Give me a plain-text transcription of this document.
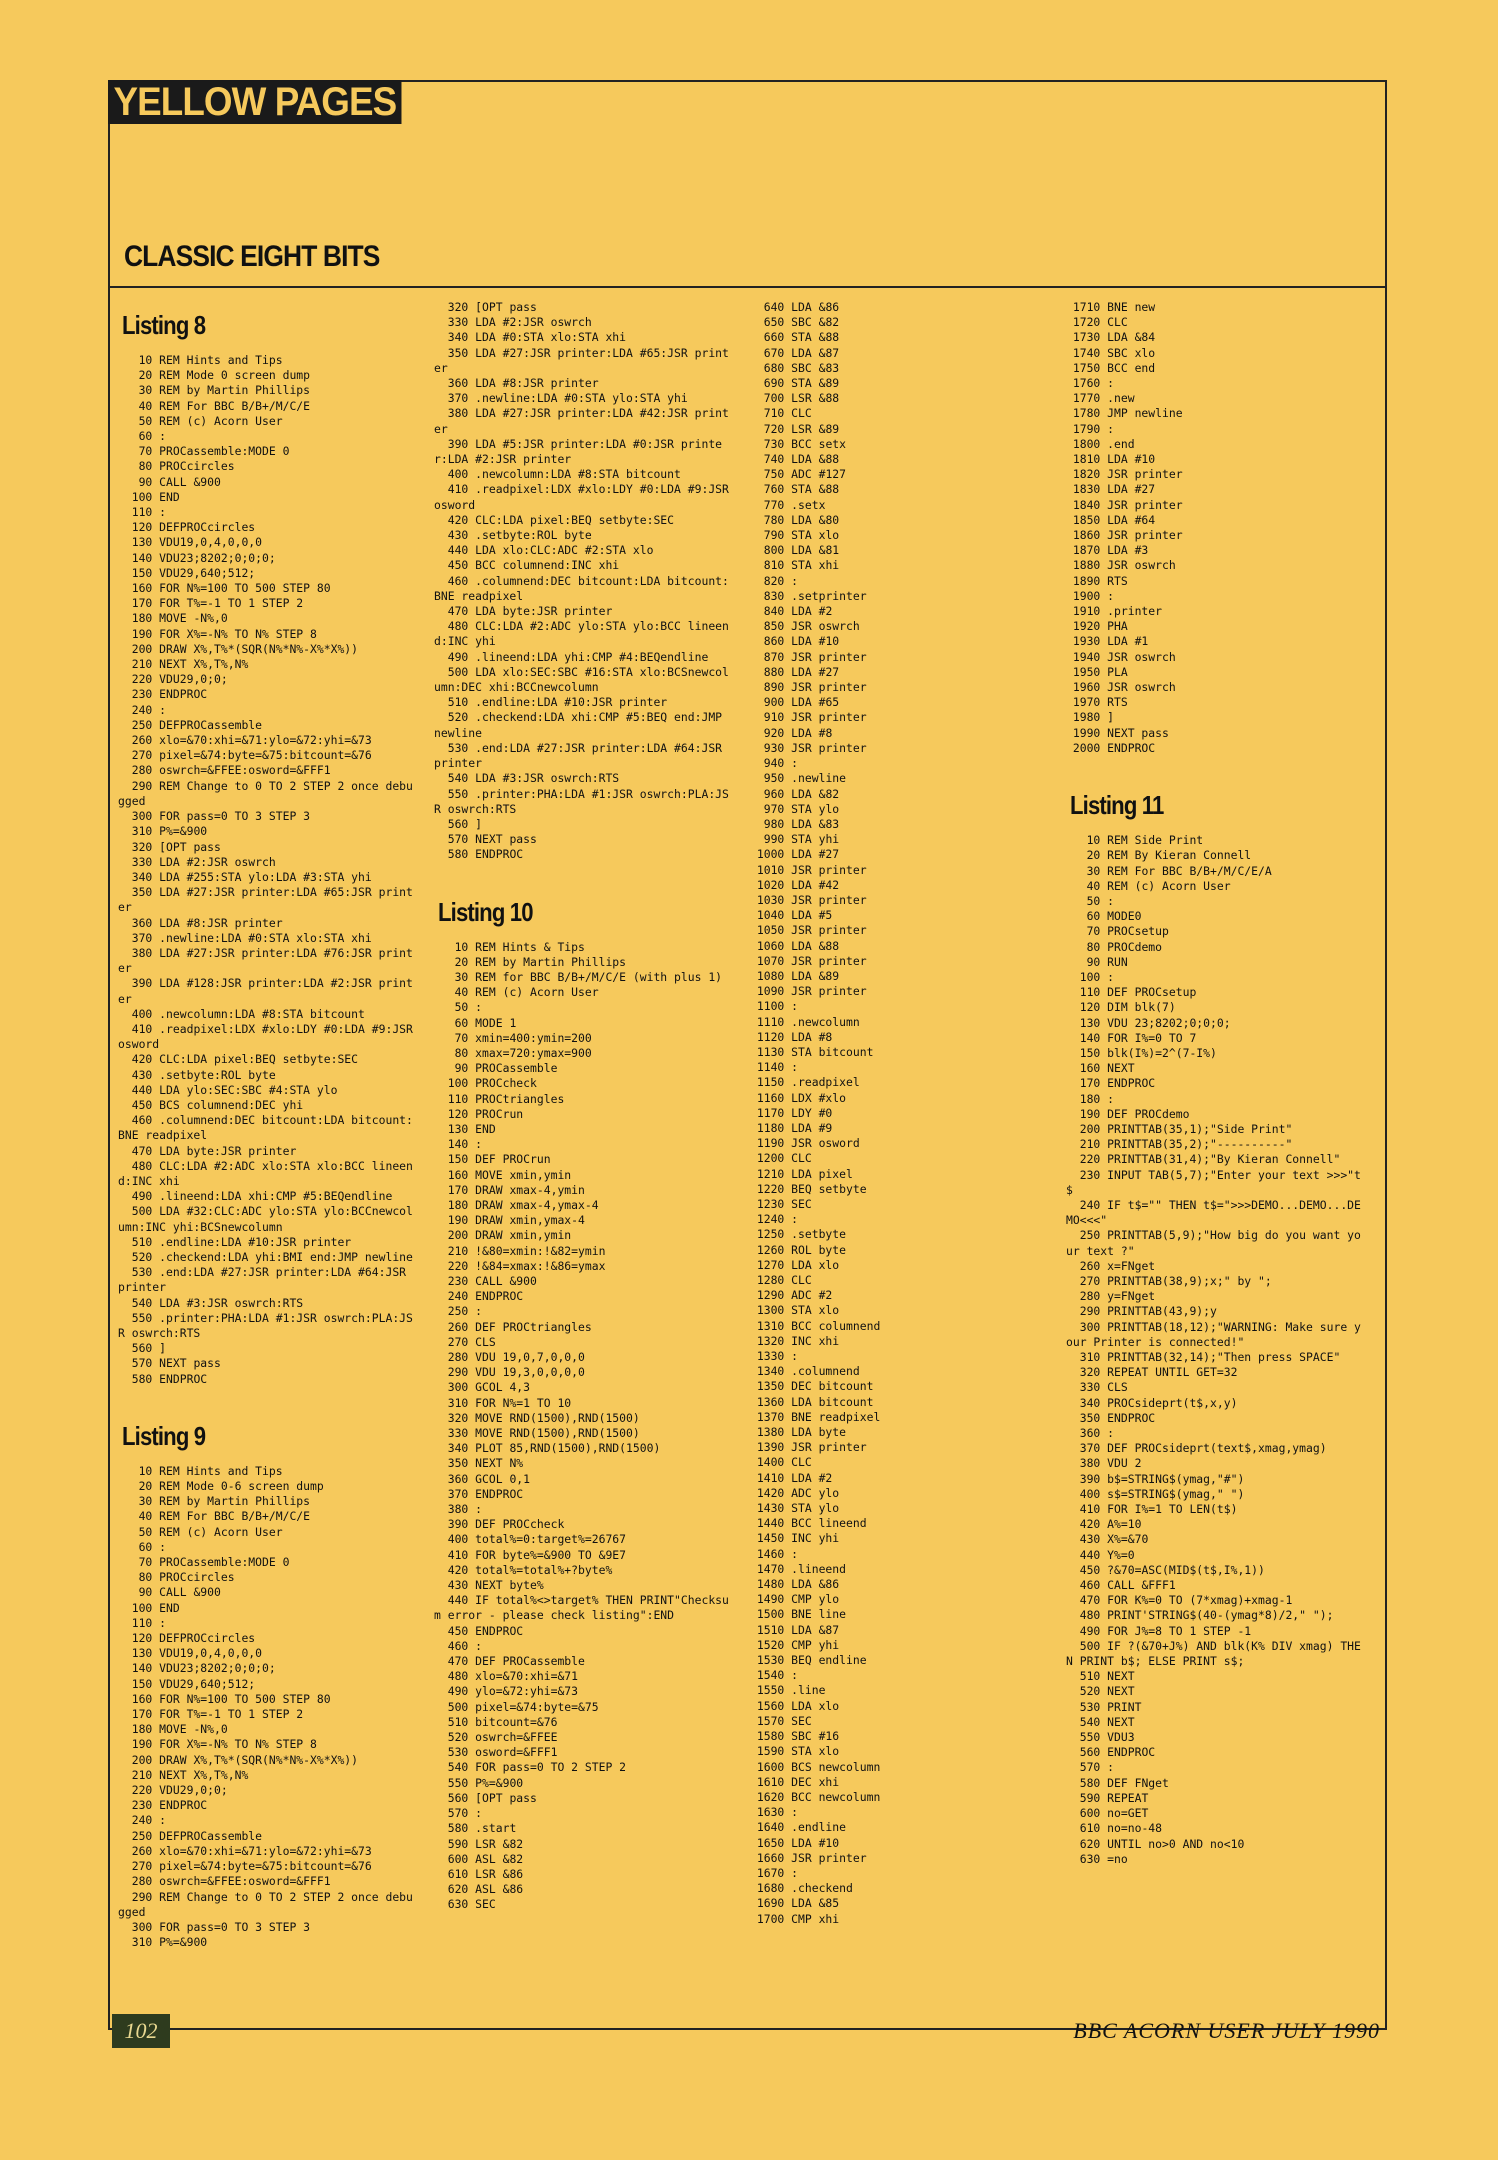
YELLOW PAGES
CLASSIC EIGHT BITS
Listing 8
10 REM Hints and Tips
20 REM Mode 0 screen dump
30 REM by Martin Phillips
40 REM For BBC B/B+/M/C/E
50 REM (c) Acorn User
60 :
70 PROCassemble:MODE 0
80 PROCcircles
90 CALL &900
100 END
110 :
120 DEFPROCcircles
130 VDU19,0,4,0,0,0
140 VDU23;8202;0;0;0;
150 VDU29,640;512;
160 FOR N%=100 TO 500 STEP 80
170 FOR T%=-1 TO 1 STEP 2
180 MOVE -N%,0
190 FOR X%=-N% TO N% STEP 8
200 DRAW X%,T%*(SQR(N%*N%-X%*X%))
210 NEXT X%,T%,N%
220 VDU29,0;0;
230 ENDPROC
240 :
250 DEFPROCassemble
260 xlo=&70:xhi=&71:ylo=&72:yhi=&73
270 pixel=&74:byte=&75:bitcount=&76
280 oswrch=&FFEE:osword=&FFF1
290 REM Change to 0 TO 2 STEP 2 once debugged
300 FOR pass=0 TO 3 STEP 3
310 P%=&900
320 [OPT pass
330 LDA #2:JSR oswrch
340 LDA #255:STA ylo:LDA #3:STA yhi
350 LDA #27:JSR printer:LDA #65:JSR printer
360 LDA #8:JSR printer
370 .newline:LDA #0:STA xlo:STA xhi
380 LDA #27:JSR printer:LDA #76:JSR printer
390 LDA #128:JSR printer:LDA #2:JSR printer
400 .newcolumn:LDA #8:STA bitcount
410 .readpixel:LDX #xlo:LDY #0:LDA #9:JSR osword
420 CLC:LDA pixel:BEQ setbyte:SEC
430 .setbyte:ROL byte
440 LDA ylo:SEC:SBC #4:STA ylo
450 BCS columnend:DEC yhi
460 .columnend:DEC bitcount:LDA bitcount:BNE readpixel
470 LDA byte:JSR printer
480 CLC:LDA #2:ADC xlo:STA xlo:BCC lineend:INC xhi
490 .lineend:LDA xhi:CMP #5:BEQendline
500 LDA #32:CLC:ADC ylo:STA ylo:BCCnewcolumn:INC yhi:BCSnewcolumn
510 .endline:LDA #10:JSR printer
520 .checkend:LDA yhi:BMI end:JMP newline
530 .end:LDA #27:JSR printer:LDA #64:JSR printer
540 LDA #3:JSR oswrch:RTS
550 .printer:PHA:LDA #1:JSR oswrch:PLA:JSR oswrch:RTS
560 ]
570 NEXT pass
580 ENDPROC
Listing 9
10 REM Hints and Tips
20 REM Mode 0-6 screen dump
30 REM by Martin Phillips
40 REM For BBC B/B+/M/C/E
50 REM (c) Acorn User
60 :
70 PROCassemble:MODE 0
80 PROCcircles
90 CALL &900
100 END
110 :
120 DEFPROCcircles
130 VDU19,0,4,0,0,0
140 VDU23;8202;0;0;0;
150 VDU29,640;512;
160 FOR N%=100 TO 500 STEP 80
170 FOR T%=-1 TO 1 STEP 2
180 MOVE -N%,0
190 FOR X%=-N% TO N% STEP 8
200 DRAW X%,T%*(SQR(N%*N%-X%*X%))
210 NEXT X%,T%,N%
220 VDU29,0;0;
230 ENDPROC
240 :
250 DEFPROCassemble
260 xlo=&70:xhi=&71:ylo=&72:yhi=&73
270 pixel=&74:byte=&75:bitcount=&76
280 oswrch=&FFEE:osword=&FFF1
290 REM Change to 0 TO 2 STEP 2 once debugged
300 FOR pass=0 TO 3 STEP 3
310 P%=&900
320 [OPT pass
330 LDA #2:JSR oswrch
340 LDA #0:STA xlo:STA xhi
350 LDA #27:JSR printer:LDA #65:JSR printer
360 LDA #8:JSR printer
370 .newline:LDA #0:STA ylo:STA yhi
380 LDA #27:JSR printer:LDA #42:JSR printer
390 LDA #5:JSR printer:LDA #0:JSR printer:LDA #2:JSR printer
400 .newcolumn:LDA #8:STA bitcount
410 .readpixel:LDX #xlo:LDY #0:LDA #9:JSR osword
420 CLC:LDA pixel:BEQ setbyte:SEC
430 .setbyte:ROL byte
440 LDA xlo:CLC:ADC #2:STA xlo
450 BCC columnend:INC xhi
460 .columnend:DEC bitcount:LDA bitcount:BNE readpixel
470 LDA byte:JSR printer
480 CLC:LDA #2:ADC ylo:STA ylo:BCC lineend:INC yhi
490 .lineend:LDA yhi:CMP #4:BEQendline
500 LDA xlo:SEC:SBC #16:STA xlo:BCSnewcolumn:DEC xhi:BCCnewcolumn
510 .endline:LDA #10:JSR printer
520 .checkend:LDA xhi:CMP #5:BEQ end:JMP newline
530 .end:LDA #27:JSR printer:LDA #64:JSR printer
540 LDA #3:JSR oswrch:RTS
550 .printer:PHA:LDA #1:JSR oswrch:PLA:JSR oswrch:RTS
560 ]
570 NEXT pass
580 ENDPROC
Listing 10
10 REM Hints & Tips
20 REM by Martin Phillips
30 REM for BBC B/B+/M/C/E (with plus 1)
40 REM (c) Acorn User
50 :
60 MODE 1
70 xmin=400:ymin=200
80 xmax=720:ymax=900
90 PROCassemble
100 PROCcheck
110 PROCtriangles
120 PROCrun
130 END
140 :
150 DEF PROCrun
160 MOVE xmin,ymin
170 DRAW xmax-4,ymin
180 DRAW xmax-4,ymax-4
190 DRAW xmin,ymax-4
200 DRAW xmin,ymin
210 !&80=xmin:!&82=ymin
220 !&84=xmax:!&86=ymax
230 CALL &900
240 ENDPROC
250 :
260 DEF PROCtriangles
270 CLS
280 VDU 19,0,7,0,0,0
290 VDU 19,3,0,0,0,0
300 GCOL 4,3
310 FOR N%=1 TO 10
320 MOVE RND(1500),RND(1500)
330 MOVE RND(1500),RND(1500)
340 PLOT 85,RND(1500),RND(1500)
350 NEXT N%
360 GCOL 0,1
370 ENDPROC
380 :
390 DEF PROCcheck
400 total%=0:target%=26767
410 FOR byte%=&900 TO &9E7
420 total%=total%+?byte%
430 NEXT byte%
440 IF total%<>target% THEN PRINT"Checksum error - please check listing":END
450 ENDPROC
460 :
470 DEF PROCassemble
480 xlo=&70:xhi=&71
490 ylo=&72:yhi=&73
500 pixel=&74:byte=&75
510 bitcount=&76
520 oswrch=&FFEE
530 osword=&FFF1
540 FOR pass=0 TO 2 STEP 2
550 P%=&900
560 [OPT pass
570 :
580 .start
590 LSR &82
600 ASL &82
610 LSR &86
620 ASL &86
630 SEC
640 LDA &86
650 SBC &82
660 STA &88
670 LDA &87
680 SBC &83
690 STA &89
700 LSR &88
710 CLC
720 LSR &89
730 BCC setx
740 LDA &88
750 ADC #127
760 STA &88
770 .setx
780 LDA &80
790 STA xlo
800 LDA &81
810 STA xhi
820 :
830 .setprinter
840 LDA #2
850 JSR oswrch
860 LDA #10
870 JSR printer
880 LDA #27
890 JSR printer
900 LDA #65
910 JSR printer
920 LDA #8
930 JSR printer
940 :
950 .newline
960 LDA &82
970 STA ylo
980 LDA &83
990 STA yhi
1000 LDA #27
1010 JSR printer
1020 LDA #42
1030 JSR printer
1040 LDA #5
1050 JSR printer
1060 LDA &88
1070 JSR printer
1080 LDA &89
1090 JSR printer
1100 :
1110 .newcolumn
1120 LDA #8
1130 STA bitcount
1140 :
1150 .readpixel
1160 LDX #xlo
1170 LDY #0
1180 LDA #9
1190 JSR osword
1200 CLC
1210 LDA pixel
1220 BEQ setbyte
1230 SEC
1240 :
1250 .setbyte
1260 ROL byte
1270 LDA xlo
1280 CLC
1290 ADC #2
1300 STA xlo
1310 BCC columnend
1320 INC xhi
1330 :
1340 .columnend
1350 DEC bitcount
1360 LDA bitcount
1370 BNE readpixel
1380 LDA byte
1390 JSR printer
1400 CLC
1410 LDA #2
1420 ADC ylo
1430 STA ylo
1440 BCC lineend
1450 INC yhi
1460 :
1470 .lineend
1480 LDA &86
1490 CMP ylo
1500 BNE line
1510 LDA &87
1520 CMP yhi
1530 BEQ endline
1540 :
1550 .line
1560 LDA xlo
1570 SEC
1580 SBC #16
1590 STA xlo
1600 BCS newcolumn
1610 DEC xhi
1620 BCC newcolumn
1630 :
1640 .endline
1650 LDA #10
1660 JSR printer
1670 :
1680 .checkend
1690 LDA &85
1700 CMP xhi
1710 BNE new
1720 CLC
1730 LDA &84
1740 SBC xlo
1750 BCC end
1760 :
1770 .new
1780 JMP newline
1790 :
1800 .end
1810 LDA #10
1820 JSR printer
1830 LDA #27
1840 JSR printer
1850 LDA #64
1860 JSR printer
1870 LDA #3
1880 JSR oswrch
1890 RTS
1900 :
1910 .printer
1920 PHA
1930 LDA #1
1940 JSR oswrch
1950 PLA
1960 JSR oswrch
1970 RTS
1980 ]
1990 NEXT pass
2000 ENDPROC
Listing 11
10 REM Side Print
20 REM By Kieran Connell
30 REM For BBC B/B+/M/C/E/A
40 REM (c) Acorn User
50 :
60 MODE0
70 PROCsetup
80 PROCdemo
90 RUN
100 :
110 DEF PROCsetup
120 DIM blk(7)
130 VDU 23;8202;0;0;0;
140 FOR I%=0 TO 7
150 blk(I%)=2^(7-I%)
160 NEXT
170 ENDPROC
180 :
190 DEF PROCdemo
200 PRINTTAB(35,1);"Side Print"
210 PRINTTAB(35,2);"----------"
220 PRINTTAB(31,4);"By Kieran Connell"
230 INPUT TAB(5,7);"Enter your text >>>"t$
240 IF t$="" THEN t$=">>>DEMO...DEMO...DEMO<<<"
250 PRINTTAB(5,9);"How big do you want your text ?"
260 x=FNget
270 PRINTTAB(38,9);x;" by ";
280 y=FNget
290 PRINTTAB(43,9);y
300 PRINTTAB(18,12);"WARNING: Make sure your Printer is connected!"
310 PRINTTAB(32,14);"Then press SPACE"
320 REPEAT UNTIL GET=32
330 CLS
340 PROCsideprt(t$,x,y)
350 ENDPROC
360 :
370 DEF PROCsideprt(text$,xmag,ymag)
380 VDU 2
390 b$=STRING$(ymag,"#")
400 s$=STRING$(ymag," ")
410 FOR I%=1 TO LEN(t$)
420 A%=10
430 X%=&70
440 Y%=0
450 ?&70=ASC(MID$(t$,I%,1))
460 CALL &FFF1
470 FOR K%=0 TO (7*xmag)+xmag-1
480 PRINT'STRING$(40-(ymag*8)/2," ");
490 FOR J%=8 TO 1 STEP -1
500 IF ?(&70+J%) AND blk(K% DIV xmag) THEN PRINT b$; ELSE PRINT s$;
510 NEXT
520 NEXT
530 PRINT
540 NEXT
550 VDU3
560 ENDPROC
570 :
580 DEF FNget
590 REPEAT
600 no=GET
610 no=no-48
620 UNTIL no>0 AND no<10
630 =no
102	BBC ACORN USER JULY 1990
